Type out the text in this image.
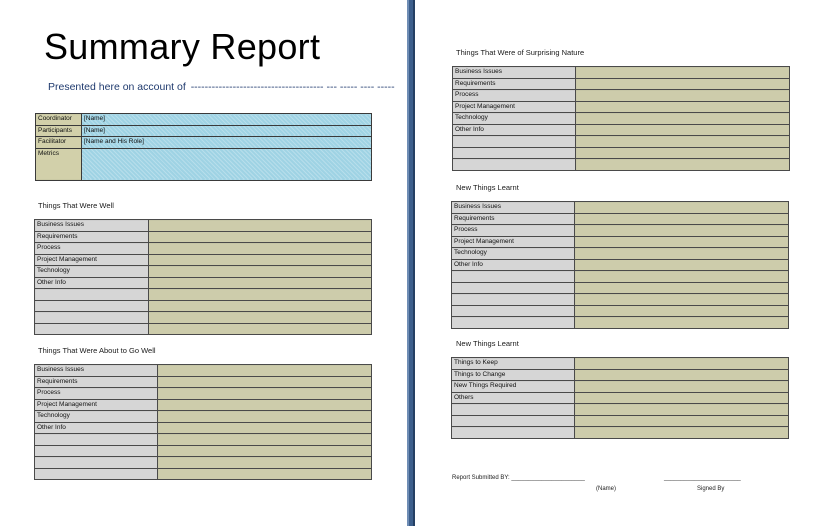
Summary Report
Presented here on account of -------------------------------------- --- ----- ---- -----
Coordinator	[Name]
Participants	[Name]
Facilitator	[Name and His Role]
Metrics	
Things That Were Well
Business Issues	
Requirements	
Process	
Project Management	
Technology	
Other Info	

Things That Were About to Go Well
Business Issues	
Requirements	
Process	
Project Management	
Technology	
Other Info	

Things That Were of Surprising Nature
Business Issues	
Requirements	
Process	
Project Management	
Technology	
Other Info	

New Things Learnt
Business Issues	
Requirements	
Process	
Project Management	
Technology	
Other Info	

New Things Learnt
Things to Keep	
Things to Change	
New Things Required	
Others	

Report Submitted BY: ______________________
(Name)
_______________________
Signed By
